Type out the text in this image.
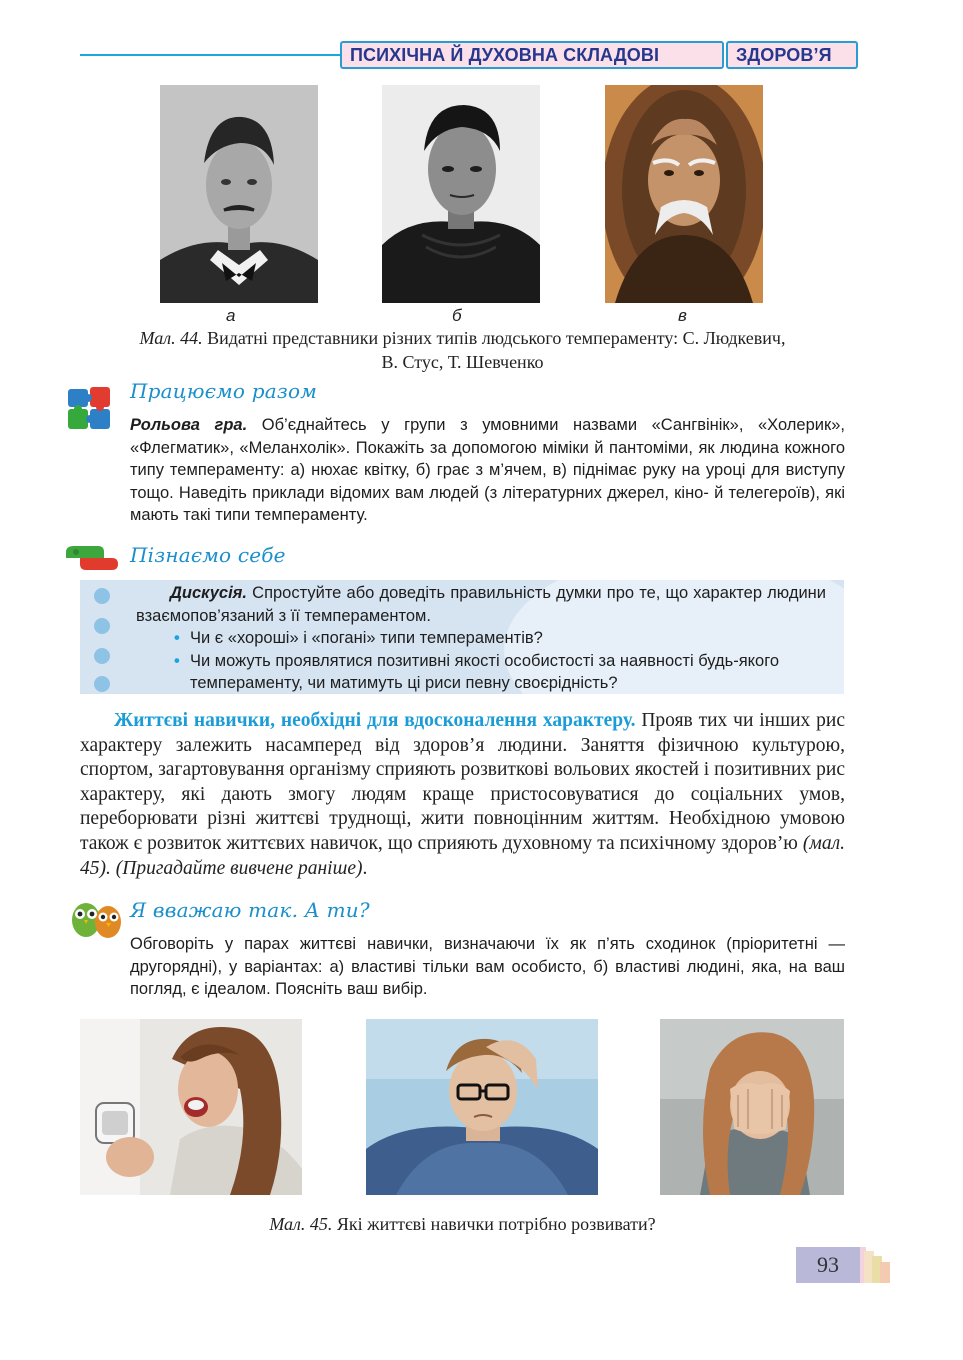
ПСИХІЧНА Й ДУХОВНА СКЛАДОВІ	ЗДОРОВ’Я
а	б	в
Мал. 44. Видатні представники різних типів людського темпераменту: С. Людкевич,
В. Стус, Т. Шевченко
Працюємо разом
Рольова гра. Об’єднайтесь у групи з умовними назвами «Сангвінік», «Холерик», «Флегматик», «Меланхолік». Покажіть за допомогою міміки й пантоміми, як людина кожного типу темпераменту: а) нюхає квітку, б) грає з м’ячем, в) піднімає руку на уроці для виступу тощо. Наведіть приклади відомих вам людей (з літературних джерел, кіно- й телегероїв), які мають такі типи темпераменту.
Пізнаємо себе
Дискусія. Спростуйте або доведіть правильність думки про те, що характер людини взаємопов’язаний з її темпераментом.
• Чи є «хороші» і «погані» типи темпераментів?
• Чи можуть проявлятися позитивні якості особистості за наявності будь-якого темпераменту, чи матимуть ці риси певну своєрідність?
Життєві навички, необхідні для вдосконалення характеру. Прояв тих чи інших рис характеру залежить насамперед від здоров’я людини. Заняття фізичною культурою, спортом, загартовування організму сприяють розвиткові вольових якостей і позитивних рис характеру, які дають змогу людям краще пристосовуватися до соціальних умов, переборювати різні життєві труднощі, жити повноцінним життям. Необхідною умовою також є розвиток життєвих навичок, що сприяють духовному та психічному здоров’ю (мал. 45). (Пригадайте вивчене раніше).
Я вважаю так. А ти?
Обговоріть у парах життєві навички, визначаючи їх як п’ять сходинок (пріоритетні — другорядні), у варіантах: а) властиві тільки вам особисто, б) властиві людині, яка, на ваш погляд, є ідеалом. Поясніть ваш вибір.
Мал. 45. Які життєві навички потрібно розвивати?
93
